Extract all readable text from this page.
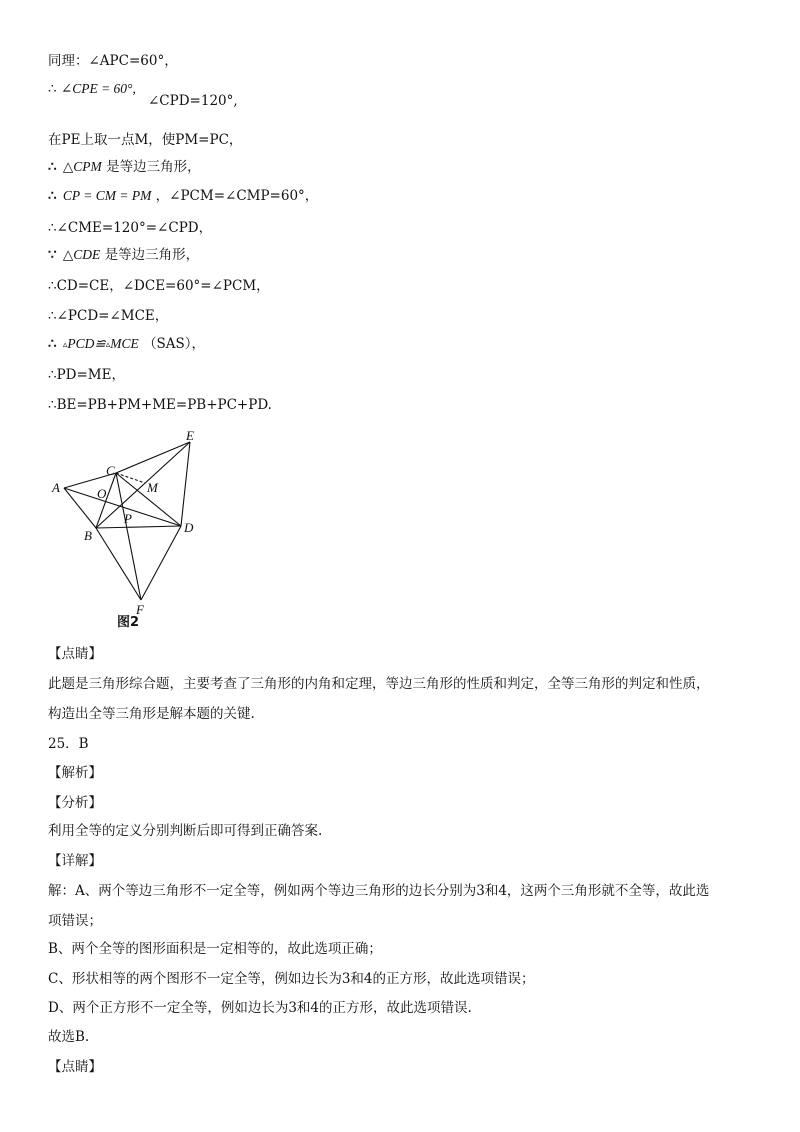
同理：∠APC=60°，
∴ ∠CPE = 60°,
∠CPD=120°,
在PE上取一点M，使PM=PC，
∴ △CPM 是等边三角形，
∴ CP = CM = PM ，∠PCM=∠CMP=60°，
∴∠CME=120°=∠CPD，
∵ △CDE 是等边三角形，
∴CD=CE，∠DCE=60°=∠PCM，
∴∠PCD=∠MCE，
∴ ▵PCD≌▵MCE （SAS），
∴PD=ME，
∴BE=PB+PM+ME=PB+PC+PD.
A
B
C
D
E
F
M
O
P
图2
【点睛】
此题是三角形综合题，主要考查了三角形的内角和定理，等边三角形的性质和判定，全等三角形的判定和性质，
构造出全等三角形是解本题的关键.
25．B
【解析】
【分析】
利用全等的定义分别判断后即可得到正确答案.
【详解】
解：A、两个等边三角形不一定全等，例如两个等边三角形的边长分别为3和4，这两个三角形就不全等，故此选
项错误；
B、两个全等的图形面积是一定相等的，故此选项正确；
C、形状相等的两个图形不一定全等，例如边长为3和4的正方形，故此选项错误；
D、两个正方形不一定全等，例如边长为3和4的正方形，故此选项错误.
故选B.
【点睛】
